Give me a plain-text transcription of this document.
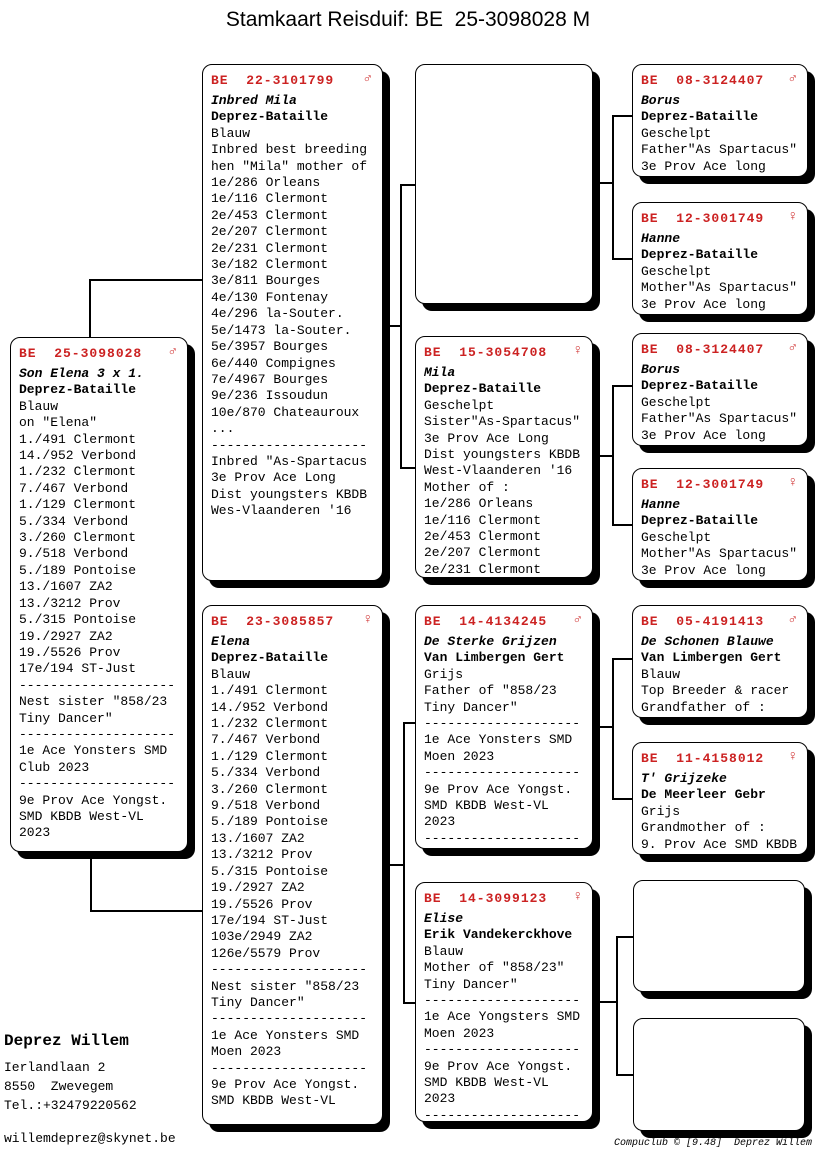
Stamkaart Reisduif: BE  25-3098028 M
BE  25-3098028 ♂
Son Elena 3 x 1.
Deprez-Bataille
Blauw
on "Elena"
1./491 Clermont
14./952 Verbond
1./232 Clermont
7./467 Verbond
1./129 Clermont
5./334 Verbond
3./260 Clermont
9./518 Verbond
5./189 Pontoise
13./1607 ZA2
13./3212 Prov
5./315 Pontoise
19./2927 ZA2
19./5526 Prov
17e/194 ST-Just
--------------------
Nest sister "858/23
Tiny Dancer"
--------------------
1e Ace Yonsters SMD
Club 2023
--------------------
9e Prov Ace Yongst.
SMD KBDB West-VL
2023
BE  22-3101799 ♂
Inbred Mila
Deprez-Bataille
Blauw
Inbred best breeding
hen "Mila" mother of
1e/286 Orleans
1e/116 Clermont
2e/453 Clermont
2e/207 Clermont
2e/231 Clermont
3e/182 Clermont
3e/811 Bourges
4e/130 Fontenay
4e/296 la-Souter.
5e/1473 la-Souter.
5e/3957 Bourges
6e/440 Compignes
7e/4967 Bourges
9e/236 Issoudun
10e/870 Chateauroux
...
--------------------
Inbred "As-Spartacus
3e Prov Ace Long
Dist youngsters KBDB
Wes-Vlaanderen '16
BE  23-3085857 ♀
Elena
Deprez-Bataille
Blauw
1./491 Clermont
14./952 Verbond
1./232 Clermont
7./467 Verbond
1./129 Clermont
5./334 Verbond
3./260 Clermont
9./518 Verbond
5./189 Pontoise
13./1607 ZA2
13./3212 Prov
5./315 Pontoise
19./2927 ZA2
19./5526 Prov
17e/194 ST-Just
103e/2949 ZA2
126e/5579 Prov
--------------------
Nest sister "858/23
Tiny Dancer"
--------------------
1e Ace Yonsters SMD
Moen 2023
--------------------
9e Prov Ace Yongst.
SMD KBDB West-VL
BE  15-3054708 ♀
Mila
Deprez-Bataille
Geschelpt
Sister"As-Spartacus"
3e Prov Ace Long
Dist youngsters KBDB
West-Vlaanderen '16
Mother of :
1e/286 Orleans
1e/116 Clermont
2e/453 Clermont
2e/207 Clermont
2e/231 Clermont
BE  14-4134245 ♂
De Sterke Grijzen
Van Limbergen Gert
Grijs
Father of "858/23
Tiny Dancer"
--------------------
1e Ace Yonsters SMD
Moen 2023
--------------------
9e Prov Ace Yongst.
SMD KBDB West-VL
2023
--------------------
BE  14-3099123 ♀
Elise
Erik Vandekerckhove
Blauw
Mother of "858/23"
Tiny Dancer"
--------------------
1e Ace Yongsters SMD
Moen 2023
--------------------
9e Prov Ace Yongst.
SMD KBDB West-VL
2023
--------------------
BE  08-3124407 ♂
Borus
Deprez-Bataille
Geschelpt
Father"As Spartacus"
3e Prov Ace long
BE  12-3001749 ♀
Hanne
Deprez-Bataille
Geschelpt
Mother"As Spartacus"
3e Prov Ace long
BE  08-3124407 ♂
Borus
Deprez-Bataille
Geschelpt
Father"As Spartacus"
3e Prov Ace long
BE  12-3001749 ♀
Hanne
Deprez-Bataille
Geschelpt
Mother"As Spartacus"
3e Prov Ace long
BE  05-4191413 ♂
De Schonen Blauwe
Van Limbergen Gert
Blauw
Top Breeder & racer
Grandfather of :
BE  11-4158012 ♀
T' Grijzeke
De Meerleer Gebr
Grijs
Grandmother of :
9. Prov Ace SMD KBDB
Deprez Willem
Ierlandlaan 2
8550  Zwevegem
Tel.:+32479220562
willemdeprez@skynet.be	Compuclub © [9.48]  Deprez Willem
